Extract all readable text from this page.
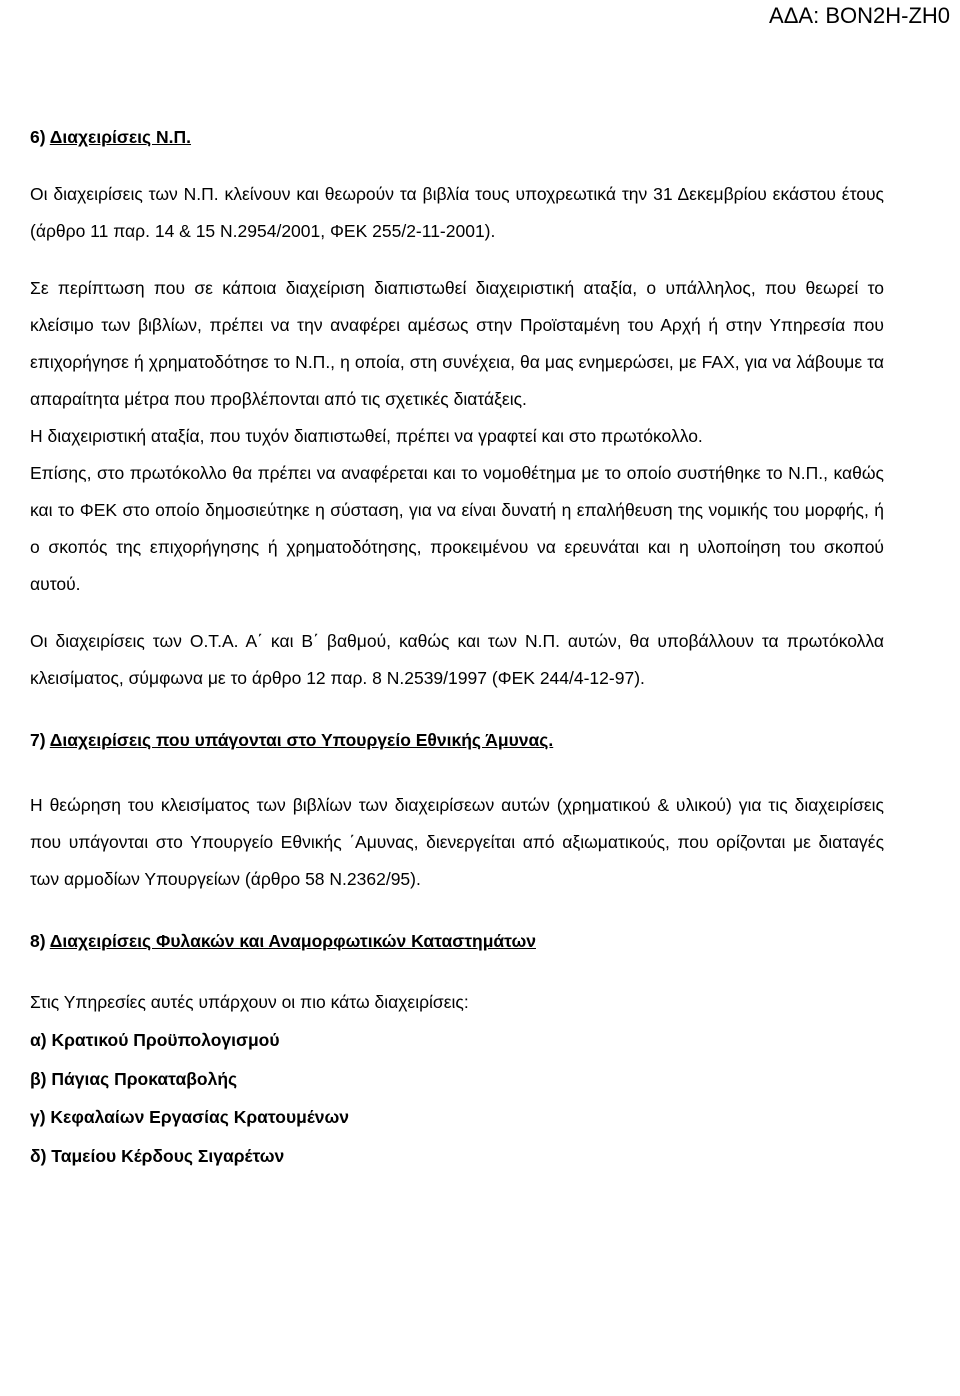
ΑΔΑ: ΒΟΝ2Η-ΖΗ0

6) Διαχειρίσεις Ν.Π.

Οι διαχειρίσεις των Ν.Π. κλείνουν και θεωρούν τα βιβλία τους υποχρεωτικά την 31 Δεκεμβρίου εκάστου έτους (άρθρο 11 παρ. 14 & 15 Ν.2954/2001, ΦΕΚ 255/2-11-2001).

Σε περίπτωση που σε κάποια διαχείριση διαπιστωθεί διαχειριστική αταξία, ο υπάλληλος, που θεωρεί το κλείσιμο των βιβλίων, πρέπει να την αναφέρει αμέσως στην Προϊσταμένη του Αρχή ή στην Υπηρεσία που επιχορήγησε ή χρηματοδότησε το Ν.Π., η οποία, στη συνέχεια, θα μας ενημερώσει, με FAX, για να λάβουμε τα απαραίτητα μέτρα που προβλέπονται από τις σχετικές διατάξεις.

Η διαχειριστική αταξία, που τυχόν διαπιστωθεί, πρέπει να γραφτεί και στο πρωτόκολλο.

Επίσης, στο πρωτόκολλο θα πρέπει να αναφέρεται και το νομοθέτημα με το οποίο συστήθηκε το Ν.Π., καθώς και το ΦΕΚ στο οποίο δημοσιεύτηκε η σύσταση, για να είναι δυνατή η επαλήθευση της νομικής του μορφής, ή ο σκοπός της επιχορήγησης ή χρηματοδότησης, προκειμένου να ερευνάται και η υλοποίηση του σκοπού αυτού.

Οι διαχειρίσεις των Ο.Τ.Α. Α΄ και Β΄ βαθμού, καθώς και των Ν.Π. αυτών, θα υποβάλλουν τα πρωτόκολλα κλεισίματος, σύμφωνα με το άρθρο 12 παρ. 8 Ν.2539/1997 (ΦΕΚ 244/4-12-97).

7) Διαχειρίσεις που υπάγονται στο Υπουργείο Εθνικής Άμυνας.

Η θεώρηση του κλεισίματος των βιβλίων των διαχειρίσεων αυτών (χρηματικού & υλικού) για τις διαχειρίσεις που υπάγονται στο Υπουργείο Εθνικής ΄Αμυνας, διενεργείται από αξιωματικούς, που ορίζονται με διαταγές των αρμοδίων Υπουργείων (άρθρο 58 Ν.2362/95).

8) Διαχειρίσεις Φυλακών και Αναμορφωτικών Καταστημάτων

Στις Υπηρεσίες αυτές υπάρχουν οι πιο κάτω διαχειρίσεις:

α) Κρατικού Προϋπολογισμού

β) Πάγιας Προκαταβολής

γ) Κεφαλαίων Εργασίας Κρατουμένων

δ) Ταμείου Κέρδους Σιγαρέτων
